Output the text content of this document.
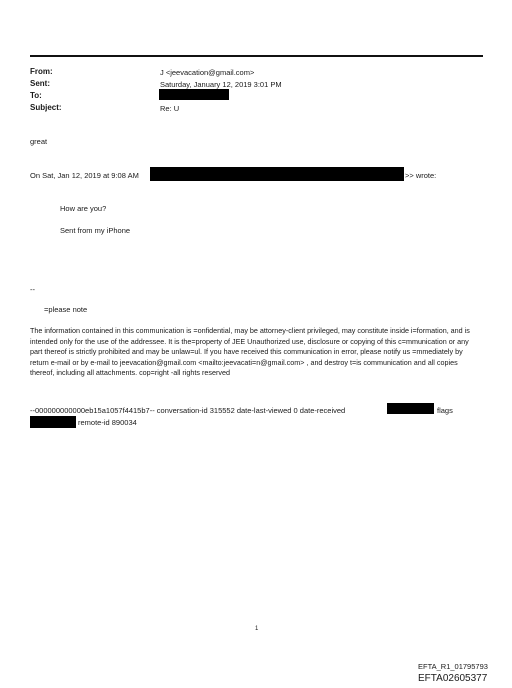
From:
Sent:
To:
Subject:
J <jeevacation@gmail.com>
Saturday, January 12, 2019 3:01 PM
Re: U
great
On Sat, Jan 12, 2019 at 9:08 AM	>> wrote:
How are you?
Sent from my iPhone
--
=please note
The information contained in this communication is =onfidential, may be attorney-client privileged, may constitute inside i=formation, and is intended only for the use of the addressee. It is the=property of JEE Unauthorized use, disclosure or copying of this c=mmunication or any part thereof is strictly prohibited and may be unlaw=ul. If you have received this communication in error, please notify us =mmediately by return e-mail or by e-mail to jeevacation@gmail.com <mailto:jeevacati=n@gmail.com> , and destroy t=is communication and all copies thereof, including all attachments. cop=right -all rights reserved
--000000000000eb15a1057f4415b7-- conversation-id 315552 date-last-viewed 0 date-received	flags
remote-id 890034
1
EFTA_R1_01795793
EFTA02605377
